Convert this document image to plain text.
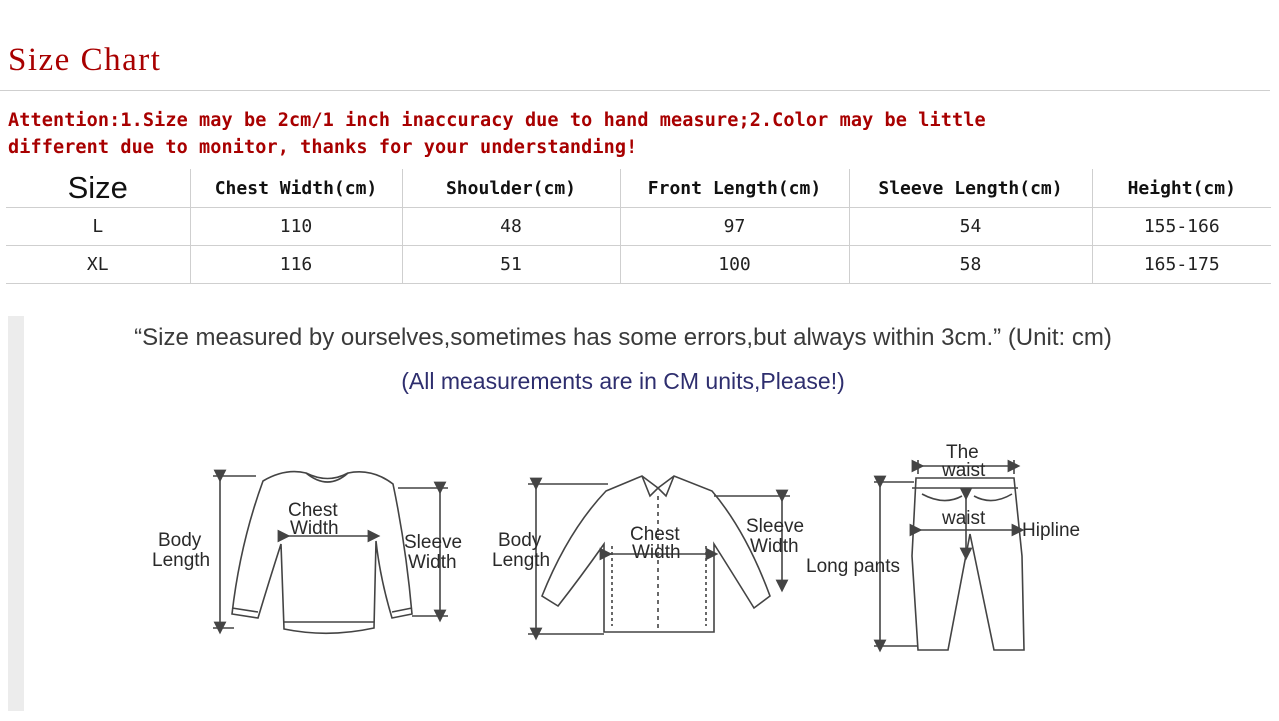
Size Chart
Attention:1.Size may be 2cm/1 inch inaccuracy due to hand measure;2.Color may be little
different due to monitor, thanks for your understanding!
Size	Chest Width(cm)	Shoulder(cm)	Front Length(cm)	Sleeve Length(cm)	Height(cm)
L	110	48	97	54	155-166
XL	116	51	100	58	165-175
“Size measured by ourselves,sometimes has some errors,but always within 3cm.” (Unit: cm)
(All measurements are in CM units,Please!)
Body
Length
Chest
Width
Sleeve
Width
Body
Length
Chest
Width
Sleeve
Width
The
waist
waist
Hipline
Long pants
